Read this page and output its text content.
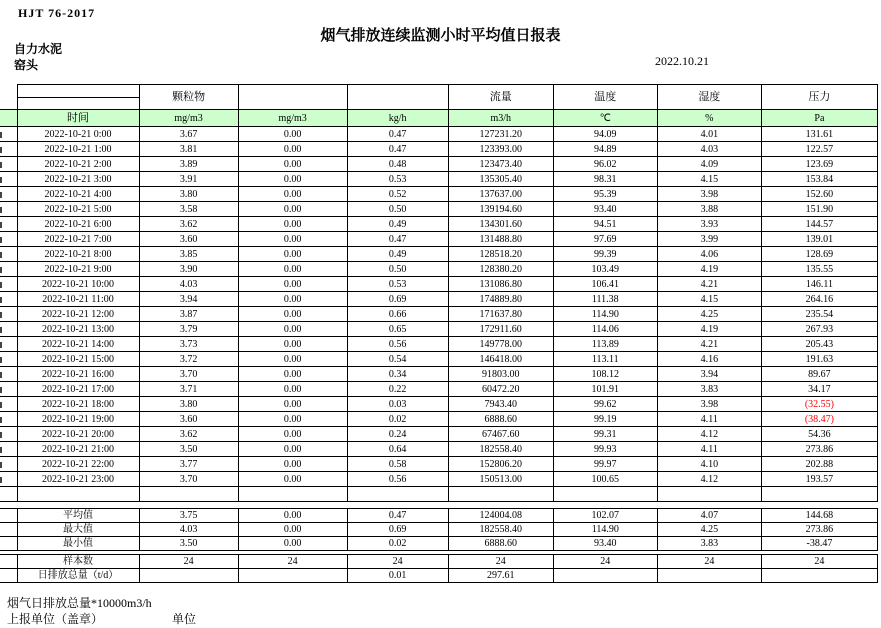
HJT 76-2017
烟气排放连续监测小时平均值日报表
自力水泥
窑头	2022.10.21
		颗粒物			流量	温度	湿度	压力

	时间	mg/m3	mg/m3	kg/h	m3/h	℃	%	Pa
	2022-10-21 0:00	3.67	0.00	0.47	127231.20	94.09	4.01	131.61
	2022-10-21 1:00	3.81	0.00	0.47	123393.00	94.89	4.03	122.57
	2022-10-21 2:00	3.89	0.00	0.48	123473.40	96.02	4.09	123.69
	2022-10-21 3:00	3.91	0.00	0.53	135305.40	98.31	4.15	153.84
	2022-10-21 4:00	3.80	0.00	0.52	137637.00	95.39	3.98	152.60
	2022-10-21 5:00	3.58	0.00	0.50	139194.60	93.40	3.88	151.90
	2022-10-21 6:00	3.62	0.00	0.49	134301.60	94.51	3.93	144.57
	2022-10-21 7:00	3.60	0.00	0.47	131488.80	97.69	3.99	139.01
	2022-10-21 8:00	3.85	0.00	0.49	128518.20	99.39	4.06	128.69
	2022-10-21 9:00	3.90	0.00	0.50	128380.20	103.49	4.19	135.55
	2022-10-21 10:00	4.03	0.00	0.53	131086.80	106.41	4.21	146.11
	2022-10-21 11:00	3.94	0.00	0.69	174889.80	111.38	4.15	264.16
	2022-10-21 12:00	3.87	0.00	0.66	171637.80	114.90	4.25	235.54
	2022-10-21 13:00	3.79	0.00	0.65	172911.60	114.06	4.19	267.93
	2022-10-21 14:00	3.73	0.00	0.56	149778.00	113.89	4.21	205.43
	2022-10-21 15:00	3.72	0.00	0.54	146418.00	113.11	4.16	191.63
	2022-10-21 16:00	3.70	0.00	0.34	91803.00	108.12	3.94	89.67
	2022-10-21 17:00	3.71	0.00	0.22	60472.20	101.91	3.83	34.17
	2022-10-21 18:00	3.80	0.00	0.03	7943.40	99.62	3.98	(32.55)
	2022-10-21 19:00	3.60	0.00	0.02	6888.60	99.19	4.11	(38.47)
	2022-10-21 20:00	3.62	0.00	0.24	67467.60	99.31	4.12	54.36
	2022-10-21 21:00	3.50	0.00	0.64	182558.40	99.93	4.11	273.86
	2022-10-21 22:00	3.77	0.00	0.58	152806.20	99.97	4.10	202.88
	2022-10-21 23:00	3.70	0.00	0.56	150513.00	100.65	4.12	193.57

	平均值	3.75	0.00	0.47	124004.08	102.07	4.07	144.68
	最大值	4.03	0.00	0.69	182558.40	114.90	4.25	273.86
	最小值	3.50	0.00	0.02	6888.60	93.40	3.83	-38.47

	样本数	24	24	24	24	24	24	24
	日排放总量（t/d）			0.01	297.61			
烟气日排放总量*10000m3/h
上报单位（盖章）	单位
